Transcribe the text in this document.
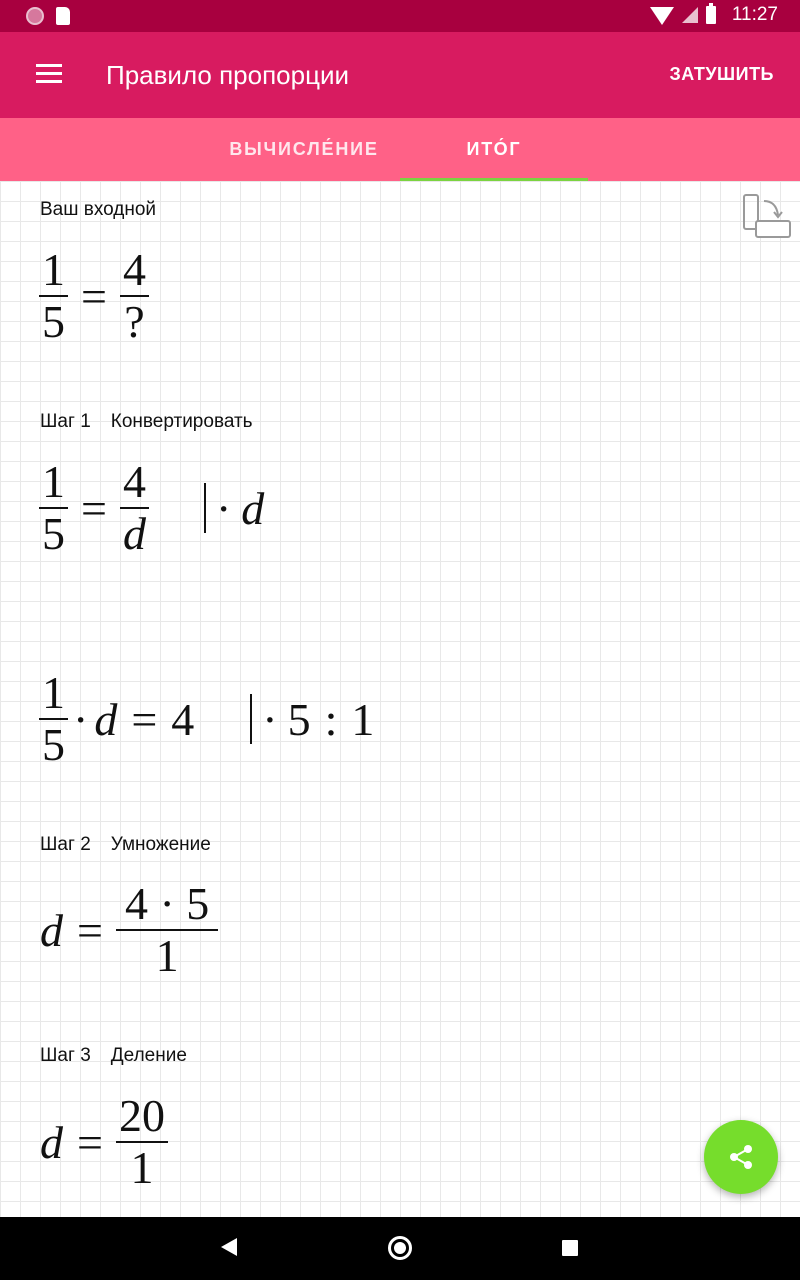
11:27
Правило пропорции	ЗАТУШИТЬ
ВЫЧИСЛЕ́НИЕ	ИТО́Г
Ваш входной
$\frac{1}{5} = \frac{4}{?}$
Шаг 1 Конвертировать
$\frac{1}{5} = \frac{4}{d} \cdot d$
$\frac{1}{5} \cdot d = 4 \cdot 5$ : 1
Шаг 2 Умножение
$d = \frac{4 \cdot 5}{1}$
Шаг 3 Деление
$d = \frac{20}{1}$
